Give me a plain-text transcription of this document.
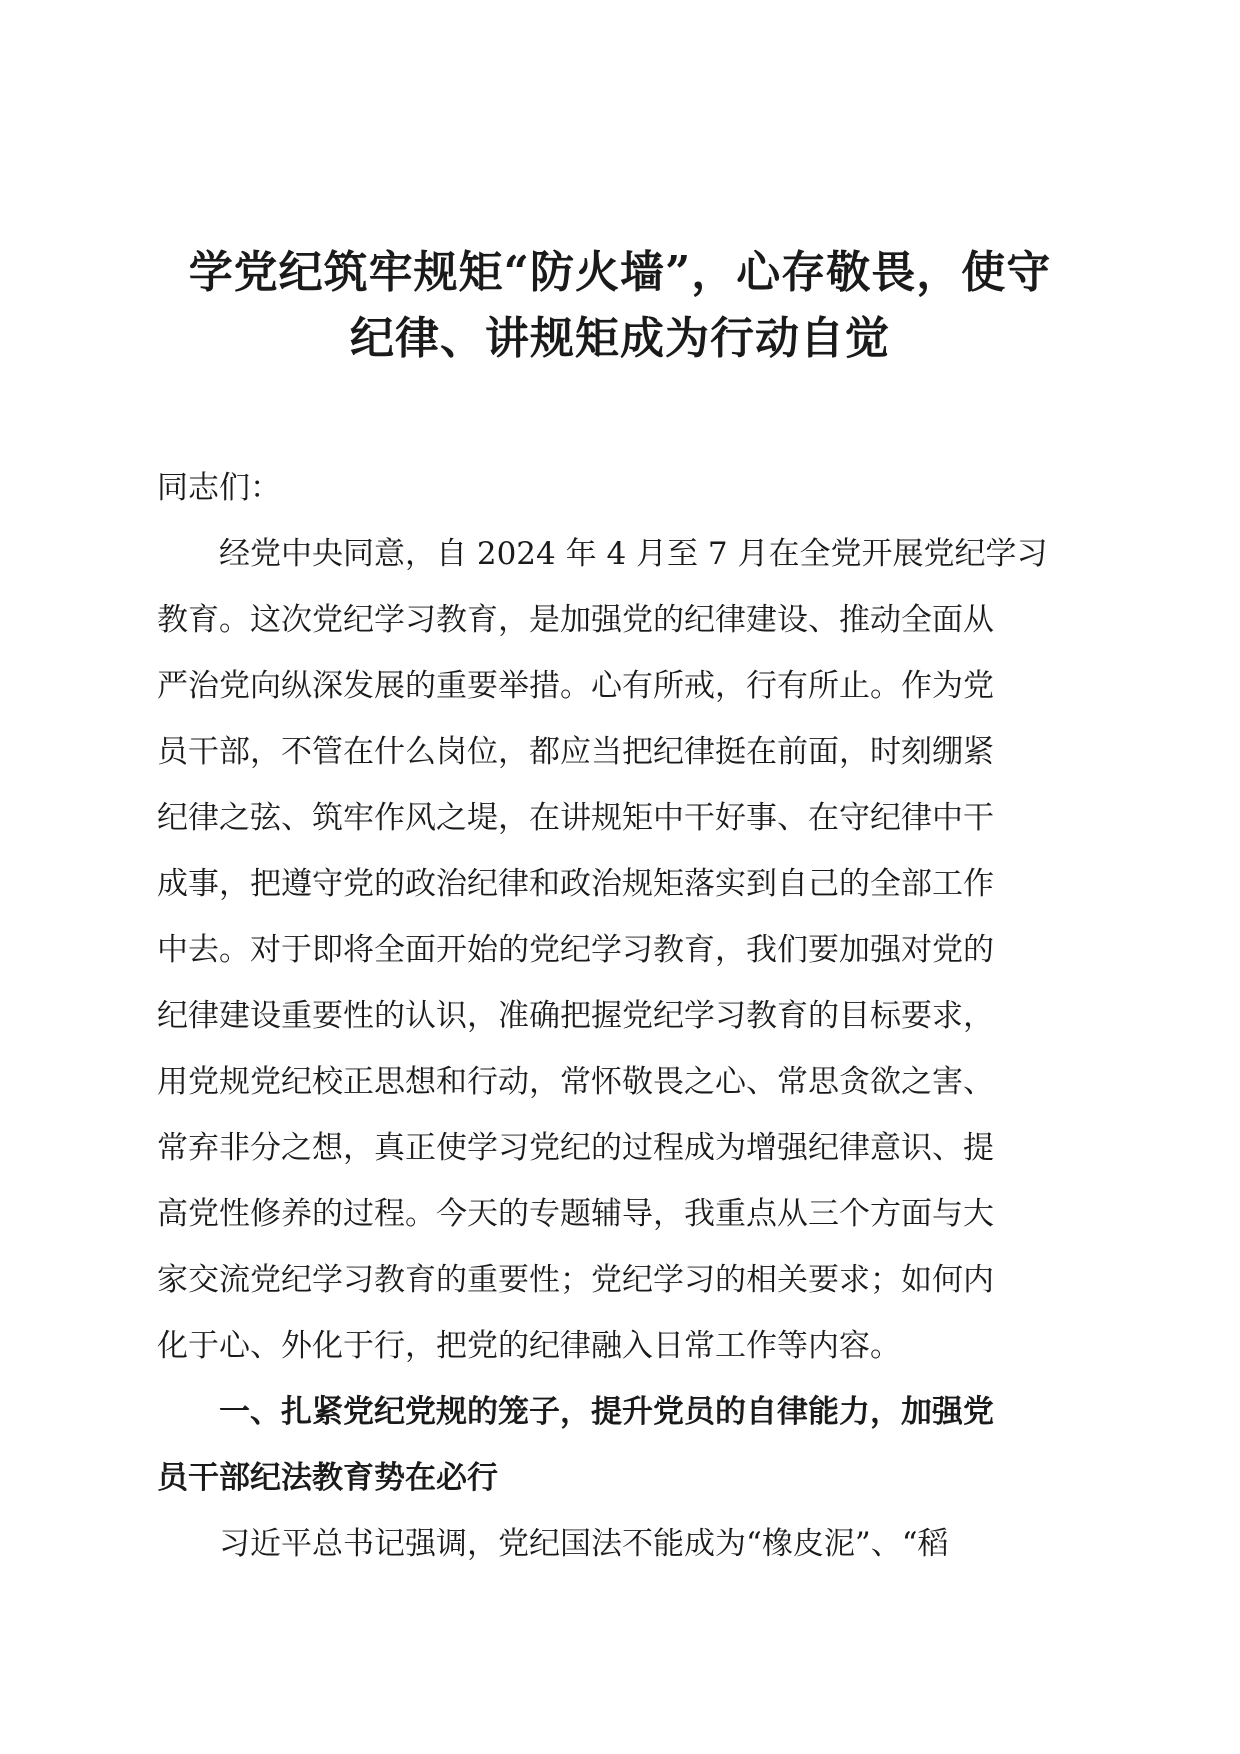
学党纪筑牢规矩“防火墙”，心存敬畏，使守
纪律、讲规矩成为行动自觉

同志们：

经党中央同意，自 2024 年 4 月至 7 月在全党开展党纪学习
教育。这次党纪学习教育，是加强党的纪律建设、推动全面从
严治党向纵深发展的重要举措。心有所戒，行有所止。作为党
员干部，不管在什么岗位，都应当把纪律挺在前面，时刻绷紧
纪律之弦、筑牢作风之堤，在讲规矩中干好事、在守纪律中干
成事，把遵守党的政治纪律和政治规矩落实到自己的全部工作
中去。对于即将全面开始的党纪学习教育，我们要加强对党的
纪律建设重要性的认识，准确把握党纪学习教育的目标要求，
用党规党纪校正思想和行动，常怀敬畏之心、常思贪欲之害、
常弃非分之想，真正使学习党纪的过程成为增强纪律意识、提
高党性修养的过程。今天的专题辅导，我重点从三个方面与大
家交流党纪学习教育的重要性；党纪学习的相关要求；如何内
化于心、外化于行，把党的纪律融入日常工作等内容。
一、扎紧党纪党规的笼子，提升党员的自律能力，加强党
员干部纪法教育势在必行
习近平总书记强调，党纪国法不能成为“橡皮泥”、“稻
